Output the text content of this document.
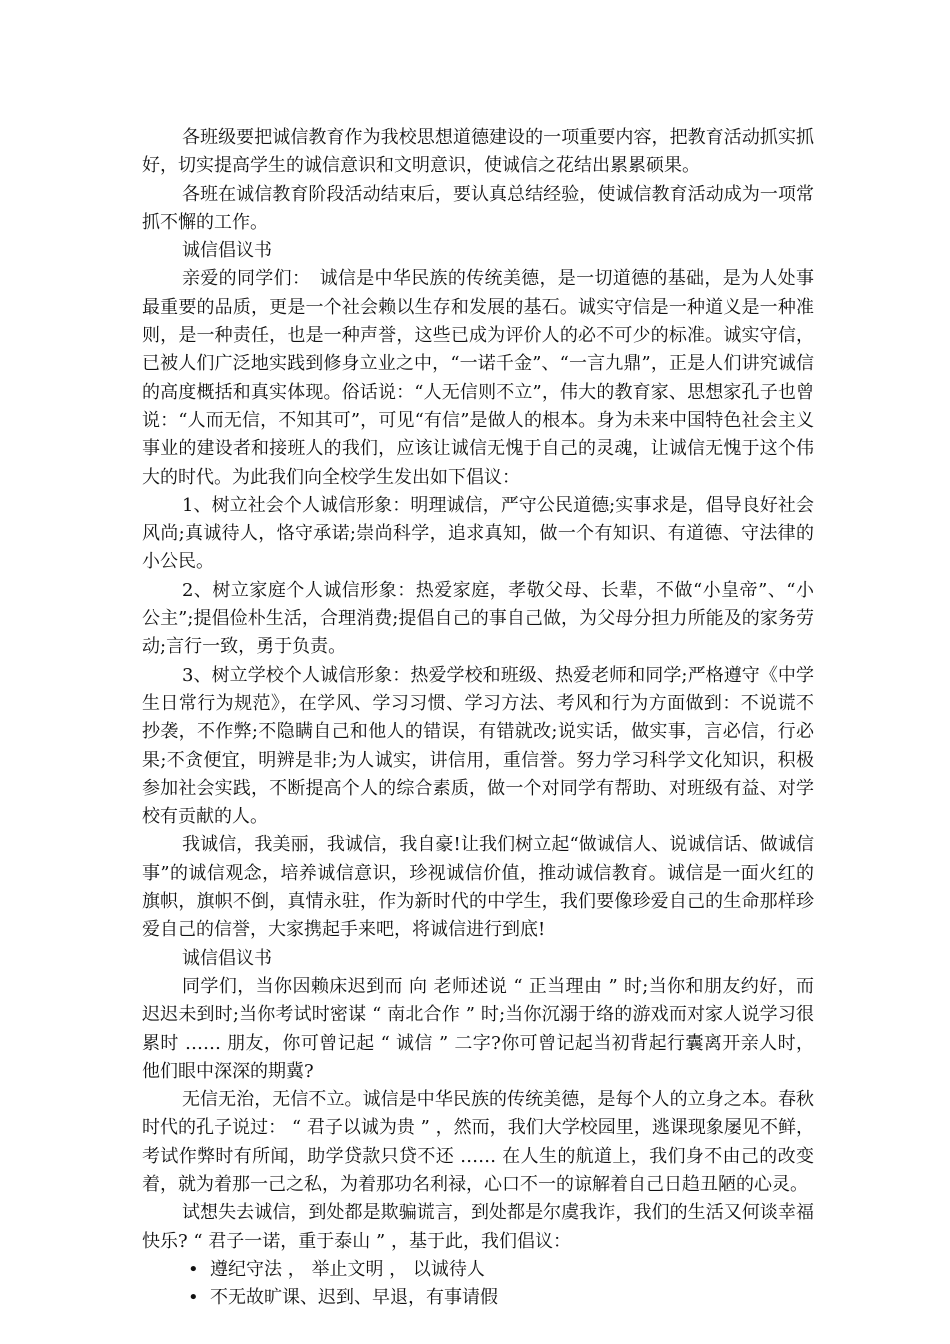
各班级要把诚信教育作为我校思想道德建设的一项重要内容，把教育活动抓实抓好，切实提高学生的诚信意识和文明意识，使诚信之花结出累累硕果。

各班在诚信教育阶段活动结束后，要认真总结经验，使诚信教育活动成为一项常抓不懈的工作。

诚信倡议书

亲爱的同学们：　诚信是中华民族的传统美德，是一切道德的基础，是为人处事最重要的品质，更是一个社会赖以生存和发展的基石。诚实守信是一种道义是一种准则，是一种责任，也是一种声誉，这些已成为评价人的必不可少的标准。诚实守信，已被人们广泛地实践到修身立业之中，“一诺千金”、“一言九鼎”，正是人们讲究诚信的高度概括和真实体现。俗话说：“人无信则不立”，伟大的教育家、思想家孔子也曾说：“人而无信，不知其可”，可见“有信”是做人的根本。身为未来中国特色社会主义事业的建设者和接班人的我们，应该让诚信无愧于自己的灵魂，让诚信无愧于这个伟大的时代。为此我们向全校学生发出如下倡议：

1、树立社会个人诚信形象：明理诚信，严守公民道德;实事求是，倡导良好社会风尚;真诚待人，恪守承诺;崇尚科学，追求真知，做一个有知识、有道德、守法律的小公民。

2、树立家庭个人诚信形象：热爱家庭，孝敬父母、长辈，不做“小皇帝”、“小公主”;提倡俭朴生活，合理消费;提倡自己的事自己做，为父母分担力所能及的家务劳动;言行一致，勇于负责。

3、树立学校个人诚信形象：热爱学校和班级、热爱老师和同学;严格遵守《中学生日常行为规范》，在学风、学习习惯、学习方法、考风和行为方面做到：不说谎不抄袭，不作弊;不隐瞒自己和他人的错误，有错就改;说实话，做实事，言必信，行必果;不贪便宜，明辨是非;为人诚实，讲信用，重信誉。努力学习科学文化知识，积极参加社会实践，不断提高个人的综合素质，做一个对同学有帮助、对班级有益、对学校有贡献的人。

我诚信，我美丽，我诚信，我自豪!让我们树立起“做诚信人、说诚信话、做诚信事”的诚信观念，培养诚信意识，珍视诚信价值，推动诚信教育。诚信是一面火红的旗帜，旗帜不倒，真情永驻，作为新时代的中学生，我们要像珍爱自己的生命那样珍爱自己的信誉，大家携起手来吧，将诚信进行到底!

诚信倡议书

同学们，当你因赖床迟到而 向 老师述说 “ 正当理由 ” 时;当你和朋友约好，而迟迟未到时;当你考试时密谋 “ 南北合作 ” 时;当你沉溺于络的游戏而对家人说学习很累时 …… 朋友，你可曾记起 “ 诚信 ” 二字?你可曾记起当初背起行囊离开亲人时，他们眼中深深的期冀?

无信无治，无信不立。诚信是中华民族的传统美德，是每个人的立身之本。春秋时代的孔子说过： “ 君子以诚为贵 ” ，然而，我们大学校园里，逃课现象屡见不鲜，考试作弊时有所闻，助学贷款只贷不还 …… 在人生的航道上，我们身不由己的改变着，就为着那一己之私，为着那功名利禄，心口不一的谅解着自己日趋丑陋的心灵。

试想失去诚信，到处都是欺骗谎言，到处都是尔虞我诈，我们的生活又何谈幸福快乐? “ 君子一诺，重于泰山 ” ，基于此，我们倡议：

• 遵纪守法 ， 举止文明 ， 以诚待人
• 不无故旷课、迟到、早退，有事请假
